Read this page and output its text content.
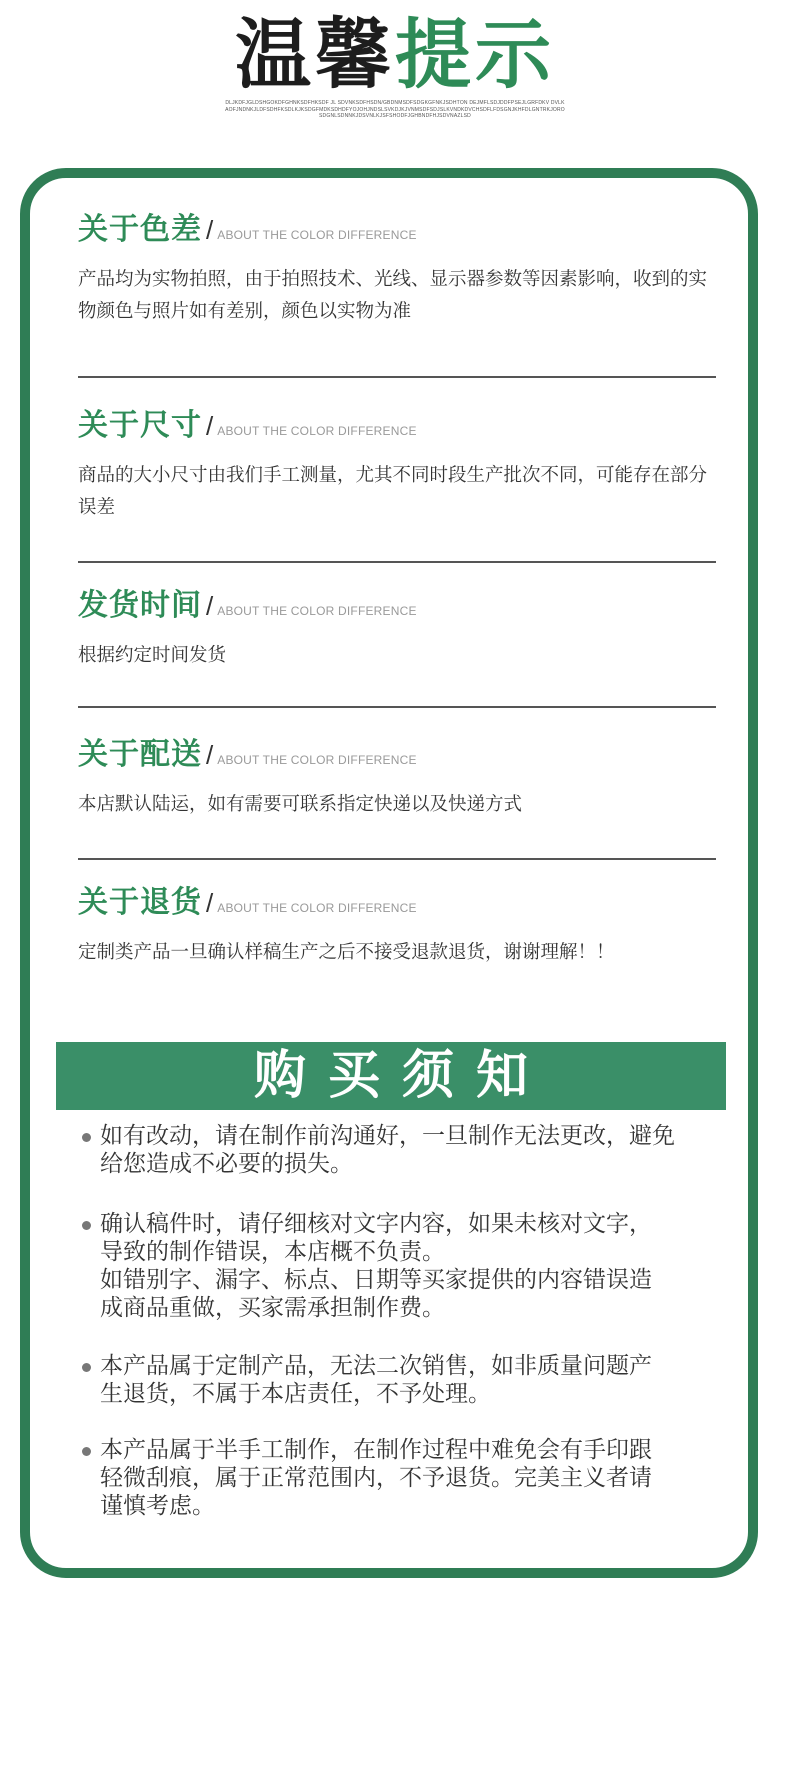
温馨提示
DLJKDFJGLDSHGOKDFGHNKSDFHKSDF JL SDVNKSDFHSDN/GBDNMSDFSDGKGFNKJSDHTON DEJMFLSDJDDFPSEJLGRFDKV DVLKAOFJNDNKJLDFSDHFKSDLKJKSDGFMDKSDHDFYOJOHJNDSLSVKDJKJVNMSDFSDJSLKVNDKDVCHSDFLFDSGNJKHFDLGNTRKJOROSDGNLSDNNKJDSVNLKJSFSHODFJGHBNDFHJSDVNAZLSD
关于色差 / ABOUT THE COLOR DIFFERENCE
产品均为实物拍照，由于拍照技术、光线、显示器参数等因素影响，收到的实物颜色与照片如有差别，颜色以实物为准
关于尺寸 / ABOUT THE COLOR DIFFERENCE
商品的大小尺寸由我们手工测量，尤其不同时段生产批次不同，可能存在部分误差
发货时间 / ABOUT THE COLOR DIFFERENCE
根据约定时间发货
关于配送 / ABOUT THE COLOR DIFFERENCE
本店默认陆运，如有需要可联系指定快递以及快递方式
关于退货 / ABOUT THE COLOR DIFFERENCE
定制类产品一旦确认样稿生产之后不接受退款退货，谢谢理解！！
购买须知
如有改动，请在制作前沟通好，一旦制作无法更改，避免
给您造成不必要的损失。
确认稿件时，请仔细核对文字内容，如果未核对文字，
导致的制作错误，本店概不负责。
如错别字、漏字、标点、日期等买家提供的内容错误造
成商品重做，买家需承担制作费。
本产品属于定制产品，无法二次销售，如非质量问题产
生退货，不属于本店责任，不予处理。
本产品属于半手工制作，在制作过程中难免会有手印跟
轻微刮痕，属于正常范围内，不予退货。完美主义者请
谨慎考虑。
